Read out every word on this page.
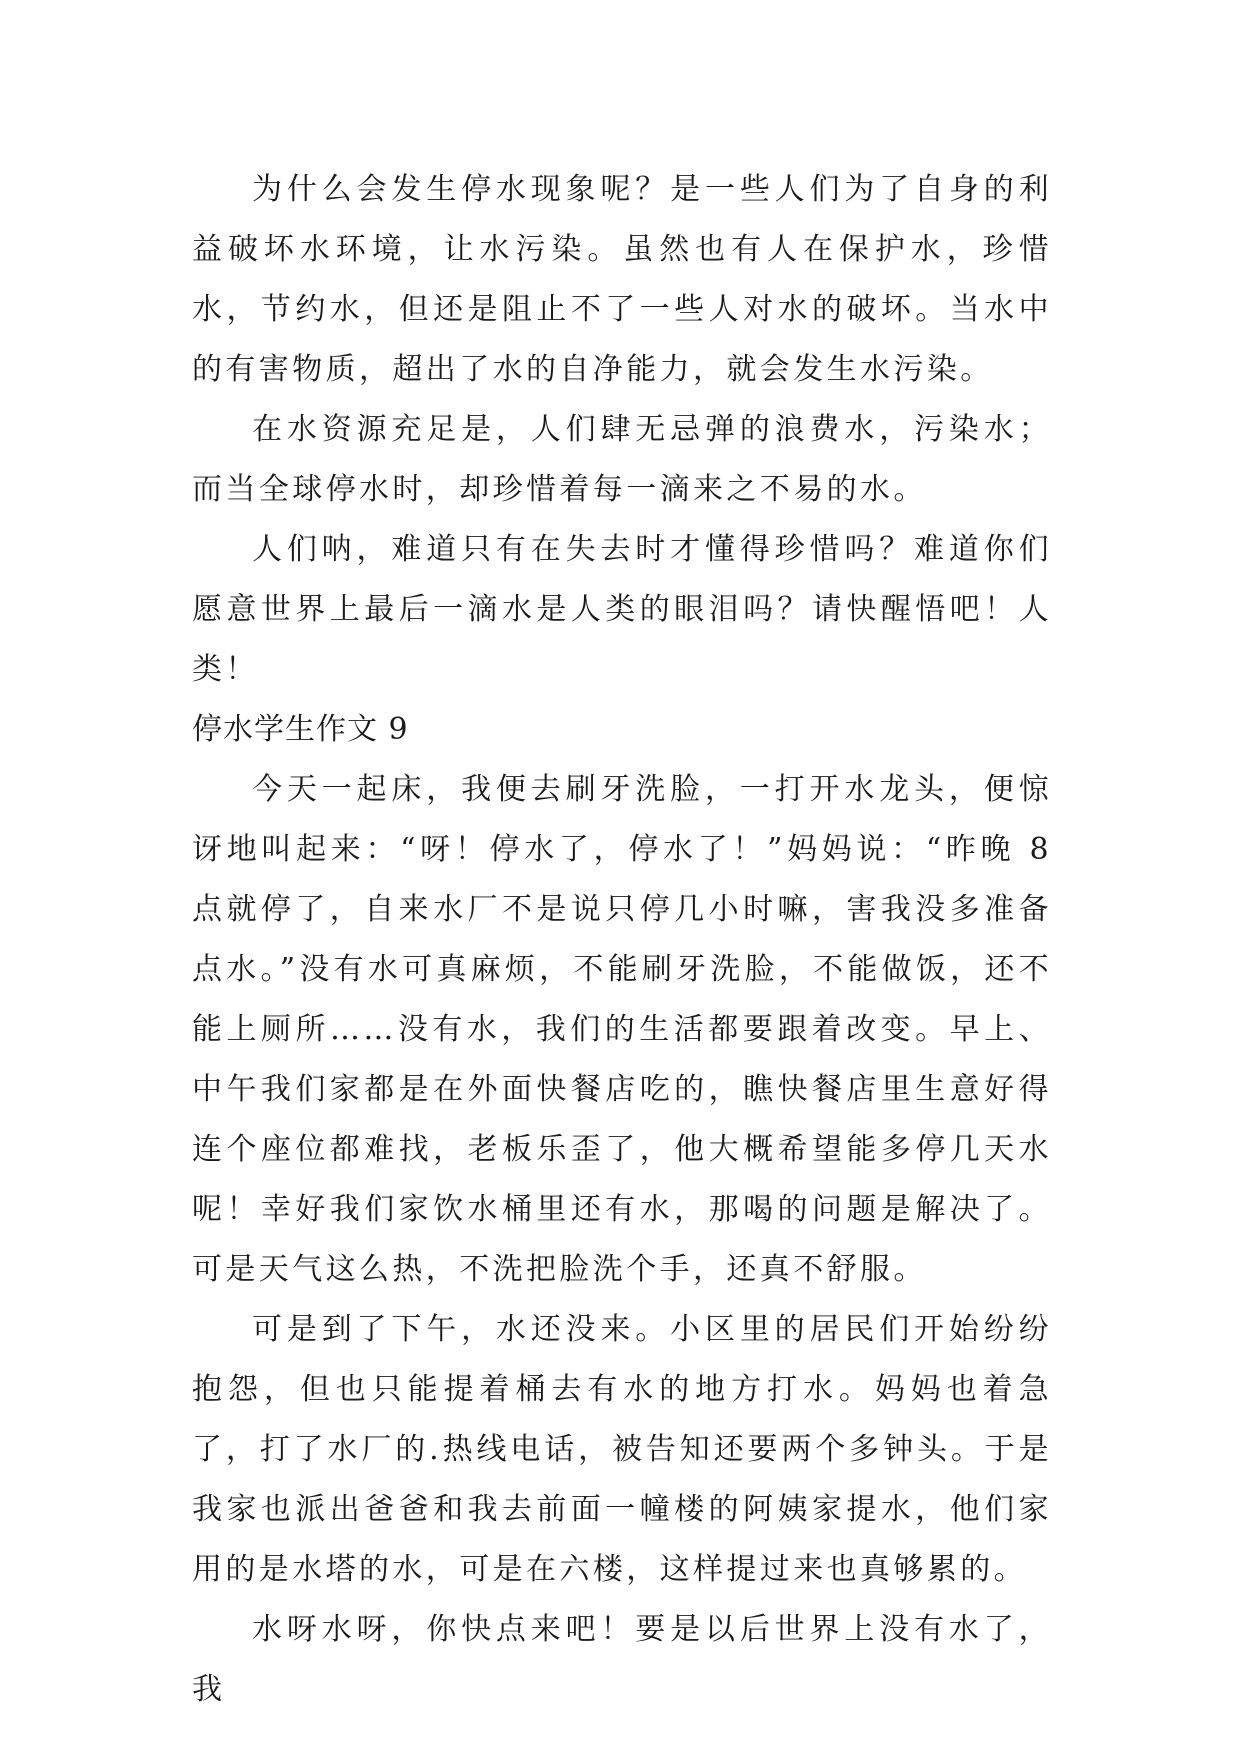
为什么会发生停水现象呢？是一些人们为了自身的利益破坏水环境，让水污染。虽然也有人在保护水，珍惜水，节约水，但还是阻止不了一些人对水的破坏。当水中的有害物质，超出了水的自净能力，就会发生水污染。

在水资源充足是，人们肆无忌弹的浪费水，污染水；而当全球停水时，却珍惜着每一滴来之不易的水。

人们呐，难道只有在失去时才懂得珍惜吗？难道你们愿意世界上最后一滴水是人类的眼泪吗？请快醒悟吧！人类！

停水学生作文 9

今天一起床，我便去刷牙洗脸，一打开水龙头，便惊讶地叫起来：“呀！停水了，停水了！”妈妈说：“昨晚 8 点就停了，自来水厂不是说只停几小时嘛，害我没多准备点水。”没有水可真麻烦，不能刷牙洗脸，不能做饭，还不能上厕所……没有水，我们的生活都要跟着改变。早上、中午我们家都是在外面快餐店吃的，瞧快餐店里生意好得连个座位都难找，老板乐歪了，他大概希望能多停几天水呢！幸好我们家饮水桶里还有水，那喝的问题是解决了。可是天气这么热，不洗把脸洗个手，还真不舒服。

可是到了下午，水还没来。小区里的居民们开始纷纷抱怨，但也只能提着桶去有水的地方打水。妈妈也着急了，打了水厂的.热线电话，被告知还要两个多钟头。于是我家也派出爸爸和我去前面一幢楼的阿姨家提水，他们家用的是水塔的水，可是在六楼，这样提过来也真够累的。

水呀水呀，你快点来吧！要是以后世界上没有水了，我
